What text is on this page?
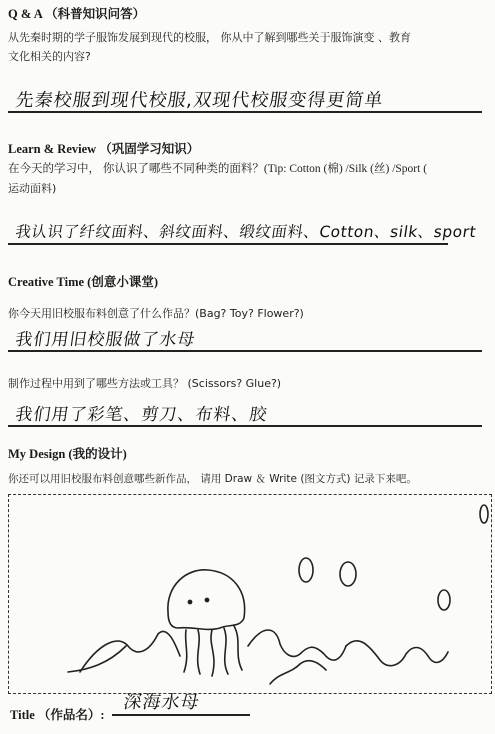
Q & A （科普知识问答）
从先秦时期的学子服饰发展到现代的校服， 你从中了解到哪些关于服饰演变 、教育
文化相关的内容?
先秦校服到现代校服,双现代校服变得更简单
Learn & Review （巩固学习知识）
在今天的学习中， 你认识了哪些不同种类的面料？(Tip: Cotton (棉) /Silk (丝) /Sport (
运动面料)
我认识了纤纹面料、斜纹面料、缎纹面料、Cotton、silk、sport
Creative Time (创意小课堂)
你今天用旧校服布料创意了什么作品？(Bag? Toy? Flower?)
我们用旧校服做了水母
制作过程中用到了哪些方法或工具？ (Scissors? Glue?)
我们用了彩笔、剪刀、布料、胶
My Design (我的设计)
你还可以用旧校服布料创意哪些新作品， 请用 Draw ＆ Write (图文方式) 记录下来吧。
Title （作品名）:
深海水母
